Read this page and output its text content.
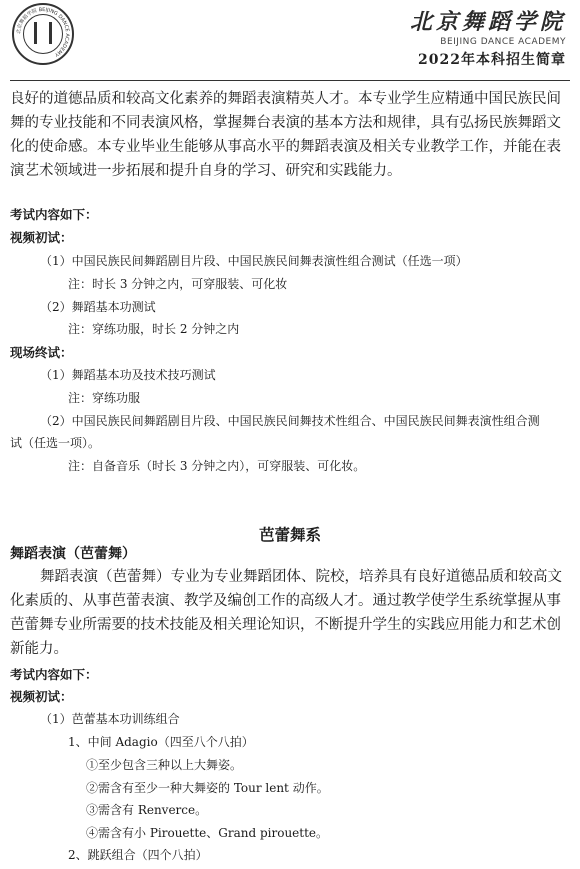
北京舞蹈学院 BEIJING DANCE ACADEMY
北京舞蹈学院
BEIJING DANCE ACADEMY
2022年本科招生简章
良好的道德品质和较高文化素养的舞蹈表演精英人才。本专业学生应精通中国民族民间
舞的专业技能和不同表演风格，掌握舞台表演的基本方法和规律，具有弘扬民族舞蹈文
化的使命感。本专业毕业生能够从事高水平的舞蹈表演及相关专业教学工作，并能在表
演艺术领域进一步拓展和提升自身的学习、研究和实践能力。
考试内容如下：
视频初试：
（1）中国民族民间舞蹈剧目片段、中国民族民间舞表演性组合测试（任选一项）
注：时长 3 分钟之内，可穿服装、可化妆
（2）舞蹈基本功测试
注：穿练功服，时长 2 分钟之内
现场终试：
（1）舞蹈基本功及技术技巧测试
注：穿练功服
（2）中国民族民间舞蹈剧目片段、中国民族民间舞技术性组合、中国民族民间舞表演性组合测
试（任选一项）。
注：自备音乐（时长 3 分钟之内），可穿服装、可化妆。
芭蕾舞系
舞蹈表演（芭蕾舞）
舞蹈表演（芭蕾舞）专业为专业舞蹈团体、院校，培养具有良好道德品质和较高文
化素质的、从事芭蕾表演、教学及编创工作的高级人才。通过教学使学生系统掌握从事
芭蕾舞专业所需要的技术技能及相关理论知识，不断提升学生的实践应用能力和艺术创
新能力。
考试内容如下：
视频初试：
（1）芭蕾基本功训练组合
1、中间 Adagio（四至八个八拍）
①至少包含三种以上大舞姿。
②需含有至少一种大舞姿的 Tour lent 动作。
③需含有 Renverce。
④需含有小 Pirouette、Grand pirouette。
2、跳跃组合（四个八拍）
